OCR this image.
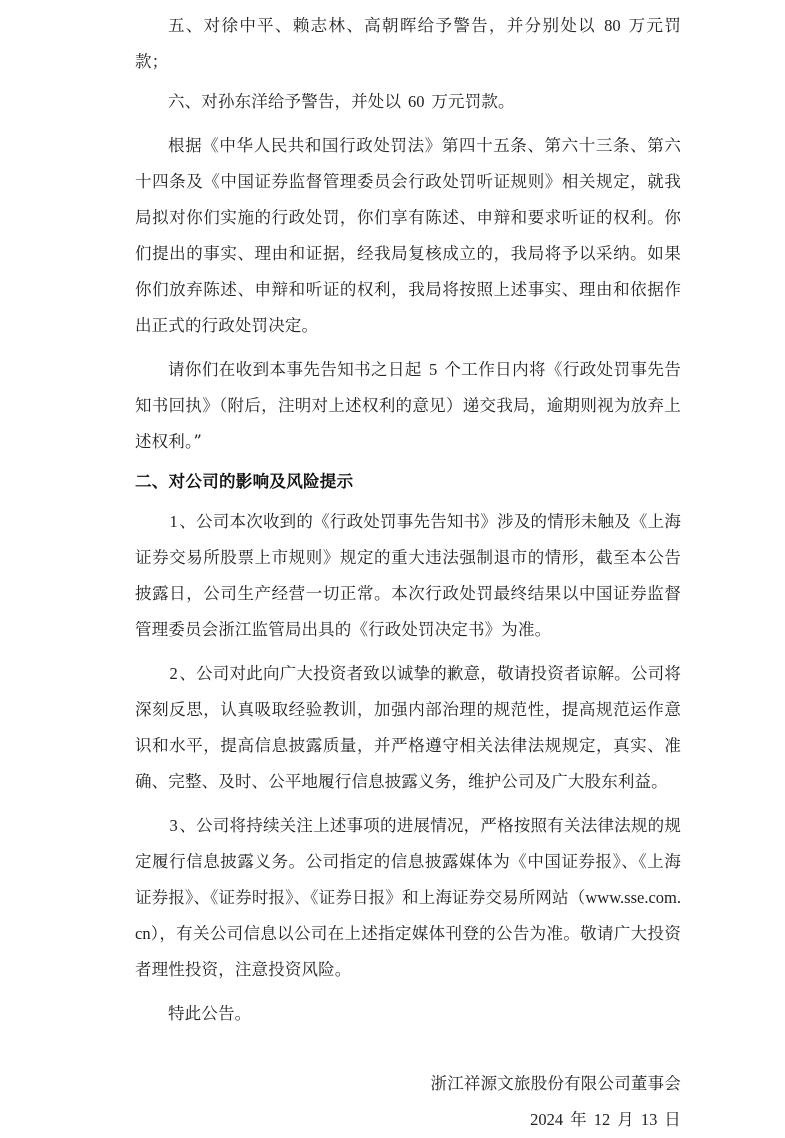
五、对徐中平、赖志林、高朝晖给予警告，并分别处以 80 万元罚款；

六、对孙东洋给予警告，并处以 60 万元罚款。

根据《中华人民共和国行政处罚法》第四十五条、第六十三条、第六十四条及《中国证券监督管理委员会行政处罚听证规则》相关规定，就我局拟对你们实施的行政处罚，你们享有陈述、申辩和要求听证的权利。你们提出的事实、理由和证据，经我局复核成立的，我局将予以采纳。如果你们放弃陈述、申辩和听证的权利，我局将按照上述事实、理由和依据作出正式的行政处罚决定。

请你们在收到本事先告知书之日起 5 个工作日内将《行政处罚事先告知书回执》（附后，注明对上述权利的意见）递交我局，逾期则视为放弃上述权利。”

二、对公司的影响及风险提示

1、公司本次收到的《行政处罚事先告知书》涉及的情形未触及《上海证券交易所股票上市规则》规定的重大违法强制退市的情形，截至本公告披露日，公司生产经营一切正常。本次行政处罚最终结果以中国证券监督管理委员会浙江监管局出具的《行政处罚决定书》为准。

2、公司对此向广大投资者致以诚挚的歉意，敬请投资者谅解。公司将深刻反思，认真吸取经验教训，加强内部治理的规范性，提高规范运作意识和水平，提高信息披露质量，并严格遵守相关法律法规规定，真实、准确、完整、及时、公平地履行信息披露义务，维护公司及广大股东利益。

3、公司将持续关注上述事项的进展情况，严格按照有关法律法规的规定履行信息披露义务。公司指定的信息披露媒体为《中国证券报》、《上海证券报》、《证券时报》、《证券日报》和上海证券交易所网站（www.sse.com.cn），有关公司信息以公司在上述指定媒体刊登的公告为准。敬请广大投资者理性投资，注意投资风险。

特此公告。

浙江祥源文旅股份有限公司董事会

2024 年 12 月 13 日
